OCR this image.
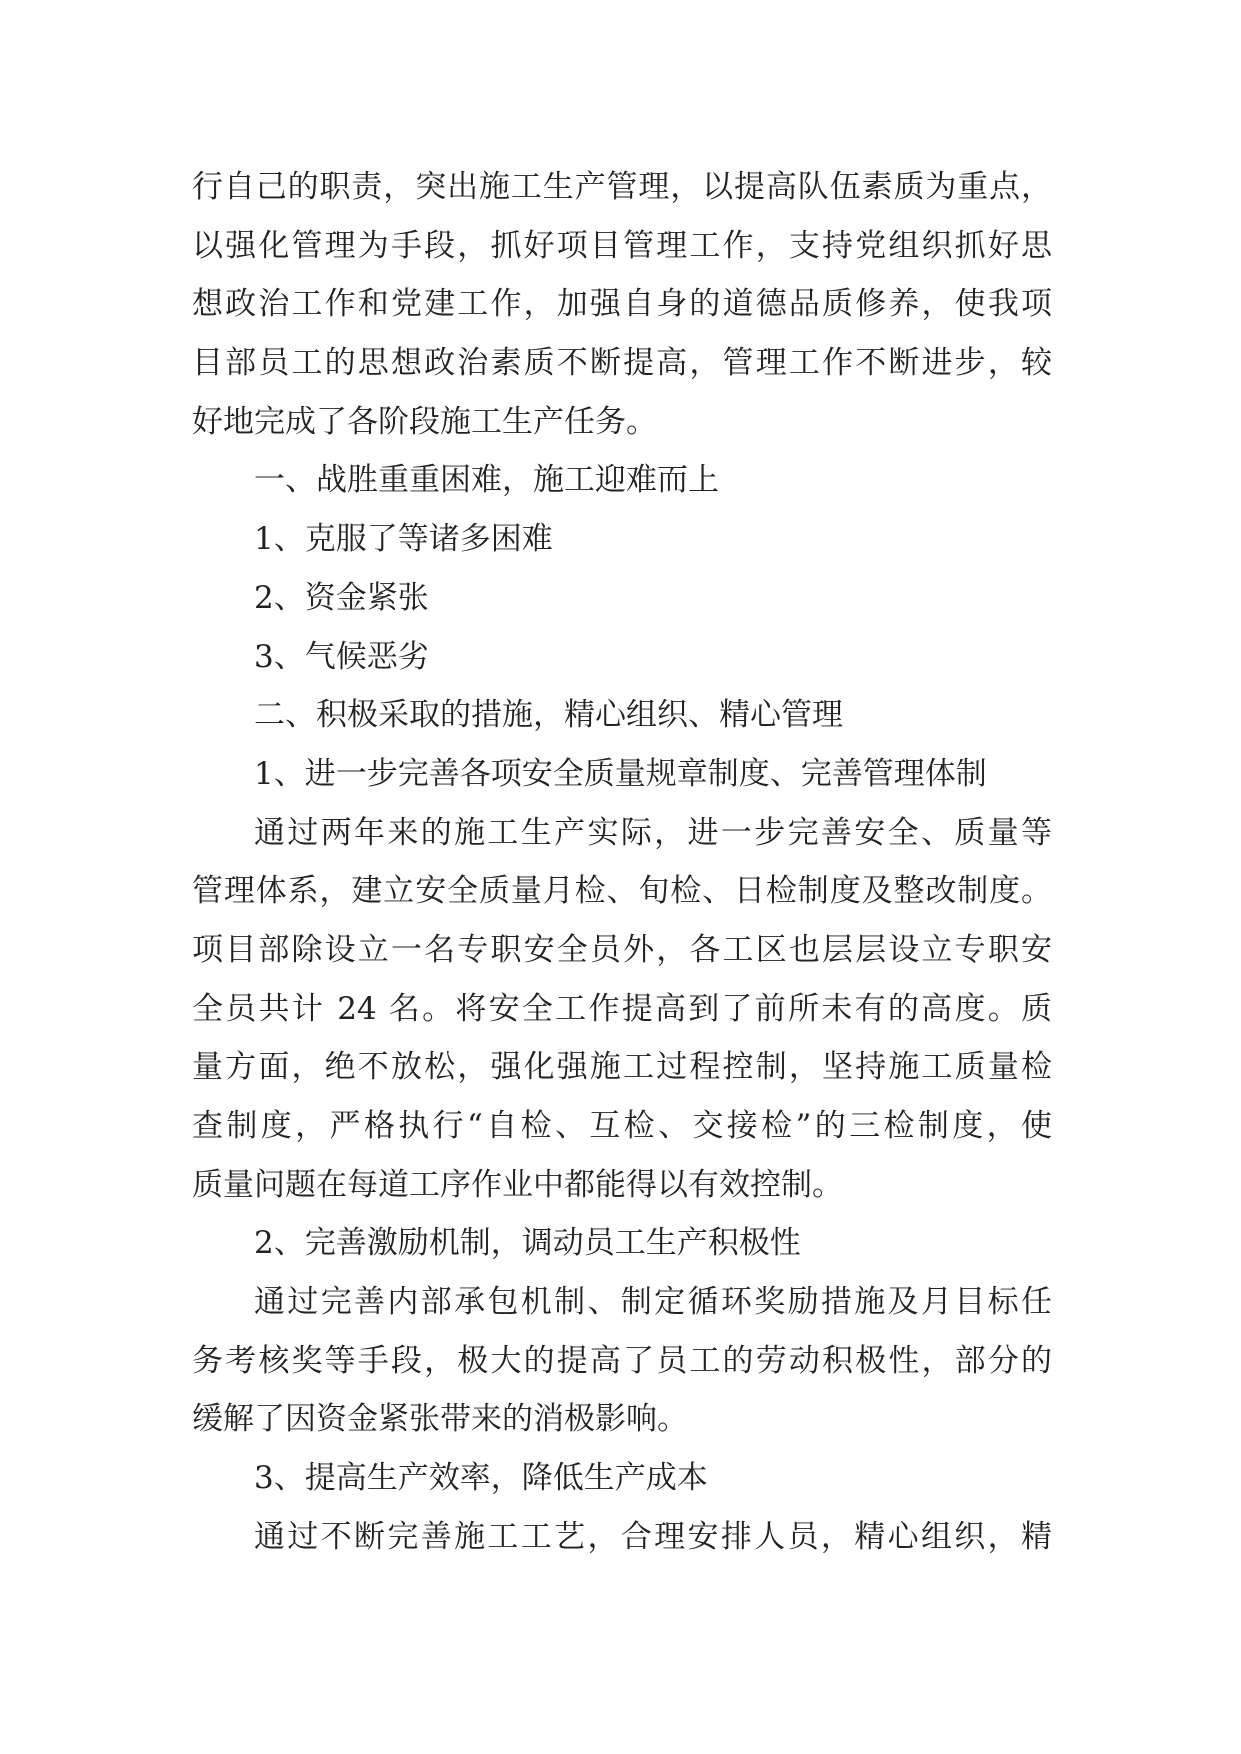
行自己的职责，突出施工生产管理，以提高队伍素质为重点，
以强化管理为手段，抓好项目管理工作，支持党组织抓好思
想政治工作和党建工作，加强自身的道德品质修养，使我项
目部员工的思想政治素质不断提高，管理工作不断进步，较
好地完成了各阶段施工生产任务。
一、战胜重重困难，施工迎难而上
1、克服了等诸多困难
2、资金紧张
3、气候恶劣
二、积极采取的措施，精心组织、精心管理
1、进一步完善各项安全质量规章制度、完善管理体制
通过两年来的施工生产实际，进一步完善安全、质量等
管理体系，建立安全质量月检、旬检、日检制度及整改制度。
项目部除设立一名专职安全员外，各工区也层层设立专职安
全员共计 24 名。将安全工作提高到了前所未有的高度。质
量方面，绝不放松，强化强施工过程控制，坚持施工质量检
查制度，严格执行“自检、互检、交接检”的三检制度，使
质量问题在每道工序作业中都能得以有效控制。
2、完善激励机制，调动员工生产积极性
通过完善内部承包机制、制定循环奖励措施及月目标任
务考核奖等手段，极大的提高了员工的劳动积极性，部分的
缓解了因资金紧张带来的消极影响。
3、提高生产效率，降低生产成本
通过不断完善施工工艺，合理安排人员，精心组织，精
